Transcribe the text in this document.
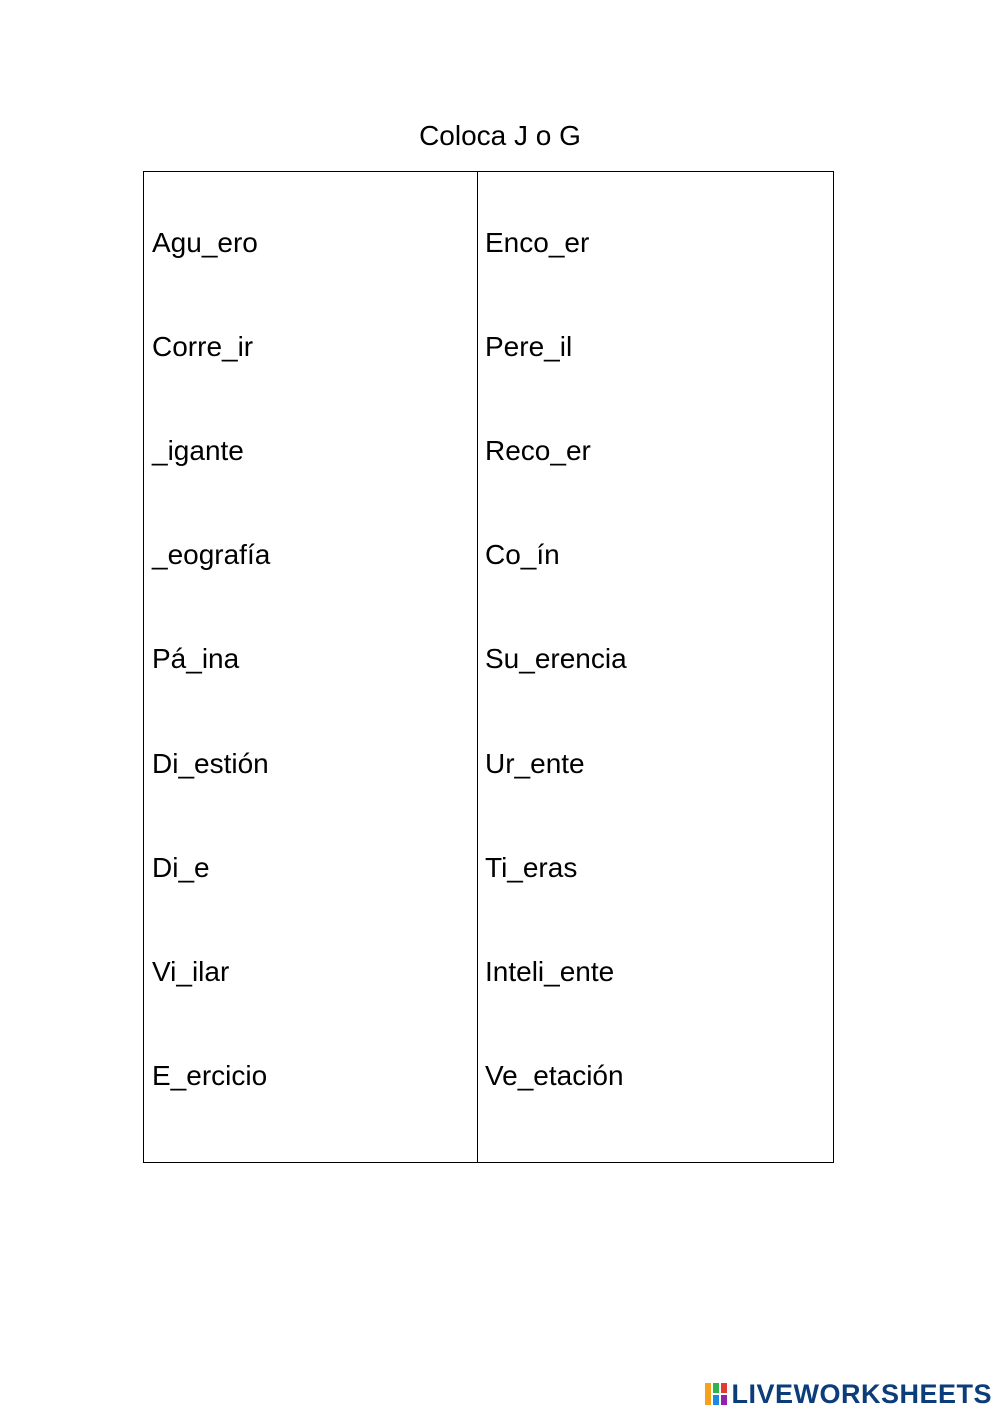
Coloca J o G
Agu_ero
Corre_ir
_igante
_eografía
Pá_ina
Di_estión
Di_e
Vi_ilar
E_ercicio
Enco_er
Pere_il
Reco_er
Co_ín
Su_erencia
Ur_ente
Ti_eras
Inteli_ente
Ve_etación
LIVEWORKSHEETS
